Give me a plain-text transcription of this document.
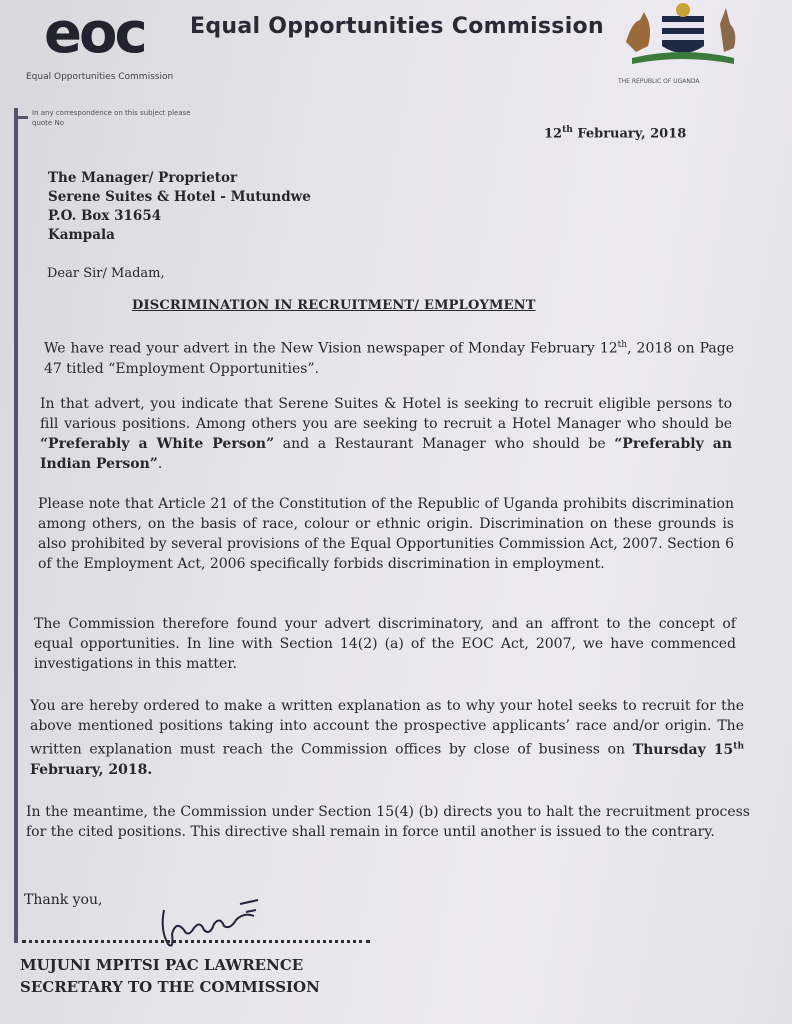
eoc
Equal Opportunities Commission
Equal Opportunities Commission
THE REPUBLIC OF UGANDA
In any correspondence on this subject please quote No
12th February, 2018
The Manager/ Proprietor
Serene Suites & Hotel - Mutundwe
P.O. Box 31654
Kampala
Dear Sir/ Madam,
DISCRIMINATION IN RECRUITMENT/ EMPLOYMENT

We have read your advert in the New Vision newspaper of Monday February 12th, 2018 on Page 47 titled “Employment Opportunities”.

In that advert, you indicate that Serene Suites & Hotel is seeking to recruit eligible persons to fill various positions. Among others you are seeking to recruit a Hotel Manager who should be “Preferably a White Person” and a Restaurant Manager who should be “Preferably an Indian Person”.

Please note that Article 21 of the Constitution of the Republic of Uganda prohibits discrimination among others, on the basis of race, colour or ethnic origin. Discrimination on these grounds is also prohibited by several provisions of the Equal Opportunities Commission Act, 2007. Section 6 of the Employment Act, 2006 specifically forbids discrimination in employment.

The Commission therefore found your advert discriminatory, and an affront to the concept of equal opportunities. In line with Section 14(2) (a) of the EOC Act, 2007, we have commenced investigations in this matter.

You are hereby ordered to make a written explanation as to why your hotel seeks to recruit for the above mentioned positions taking into account the prospective applicants’ race and/or origin. The written explanation must reach the Commission offices by close of business on Thursday 15th February, 2018.

In the meantime, the Commission under Section 15(4) (b) directs you to halt the recruitment process for the cited positions. This directive shall remain in force until another is issued to the contrary.

Thank you,
MUJUNI MPITSI PAC LAWRENCE
SECRETARY TO THE COMMISSION
